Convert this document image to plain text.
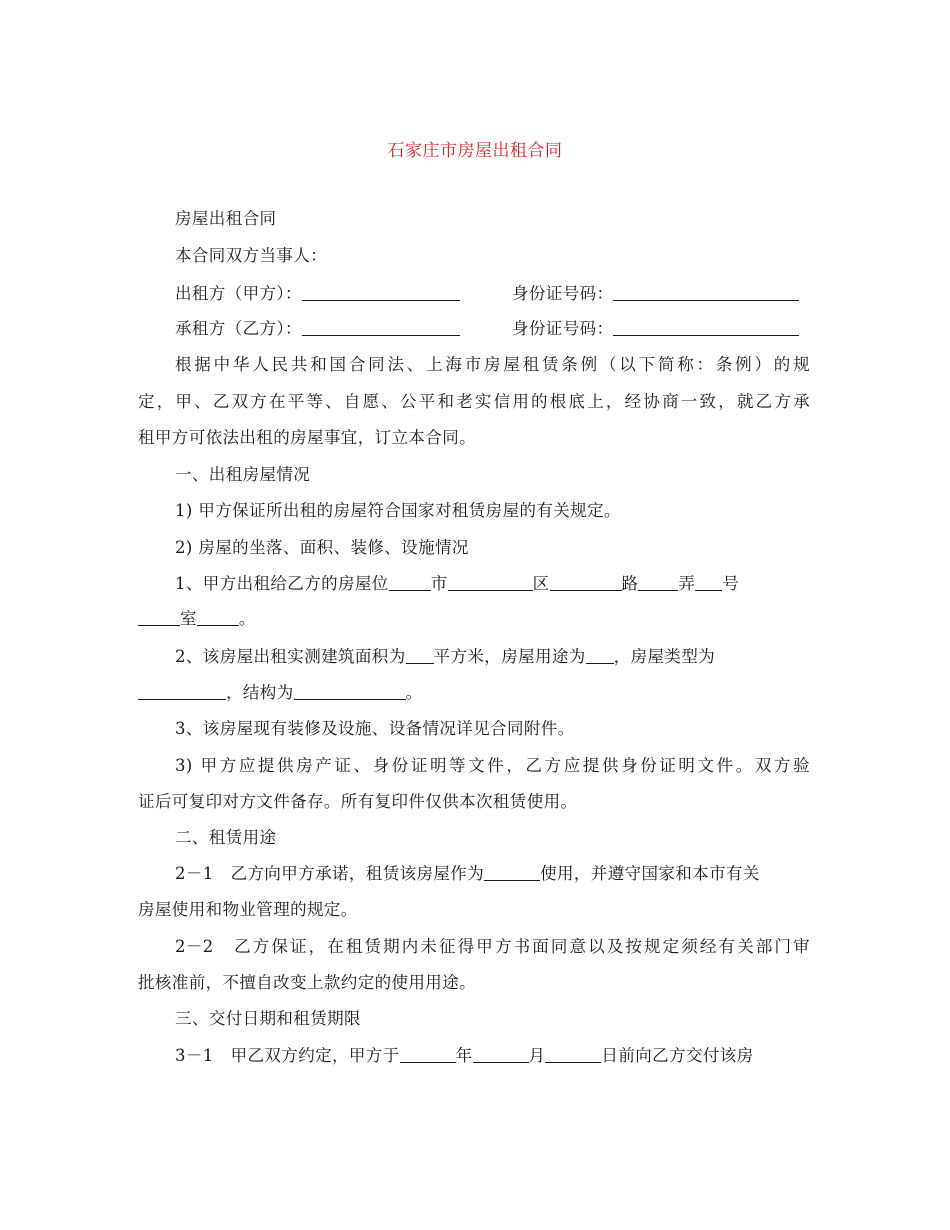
石家庄市房屋出租合同
房屋出租合同
本合同双方当事人：
出租方（甲方）：	身份证号码：
承租方（乙方）：	身份证号码：
根据中华人民共和国合同法、上海市房屋租赁条例（以下简称：条例）的规
定，甲、乙双方在平等、自愿、公平和老实信用的根底上，经协商一致，就乙方承
租甲方可依法出租的房屋事宜，订立本合同。
一、出租房屋情况
1) 甲方保证所出租的房屋符合国家对租赁房屋的有关规定。
2) 房屋的坐落、面积、装修、设施情况
1、甲方出租给乙方的房屋位	市	区	路 弄 号
室	。
2、该房屋出租实测建筑面积为 平方米，房屋用途为 ，房屋类型为
，结构为	。
3、该房屋现有装修及设施、设备情况详见合同附件。
3) 甲方应提供房产证、身份证明等文件，乙方应提供身份证明文件。双方验
证后可复印对方文件备存。所有复印件仅供本次租赁使用。
二、租赁用途
2－1　乙方向甲方承诺，租赁该房屋作为	使用，并遵守国家和本市有关
房屋使用和物业管理的规定。
2－2　乙方保证，在租赁期内未征得甲方书面同意以及按规定须经有关部门审
批核准前，不擅自改变上款约定的使用用途。
三、交付日期和租赁期限
3－1　甲乙双方约定，甲方于	年	月	日前向乙方交付该房
